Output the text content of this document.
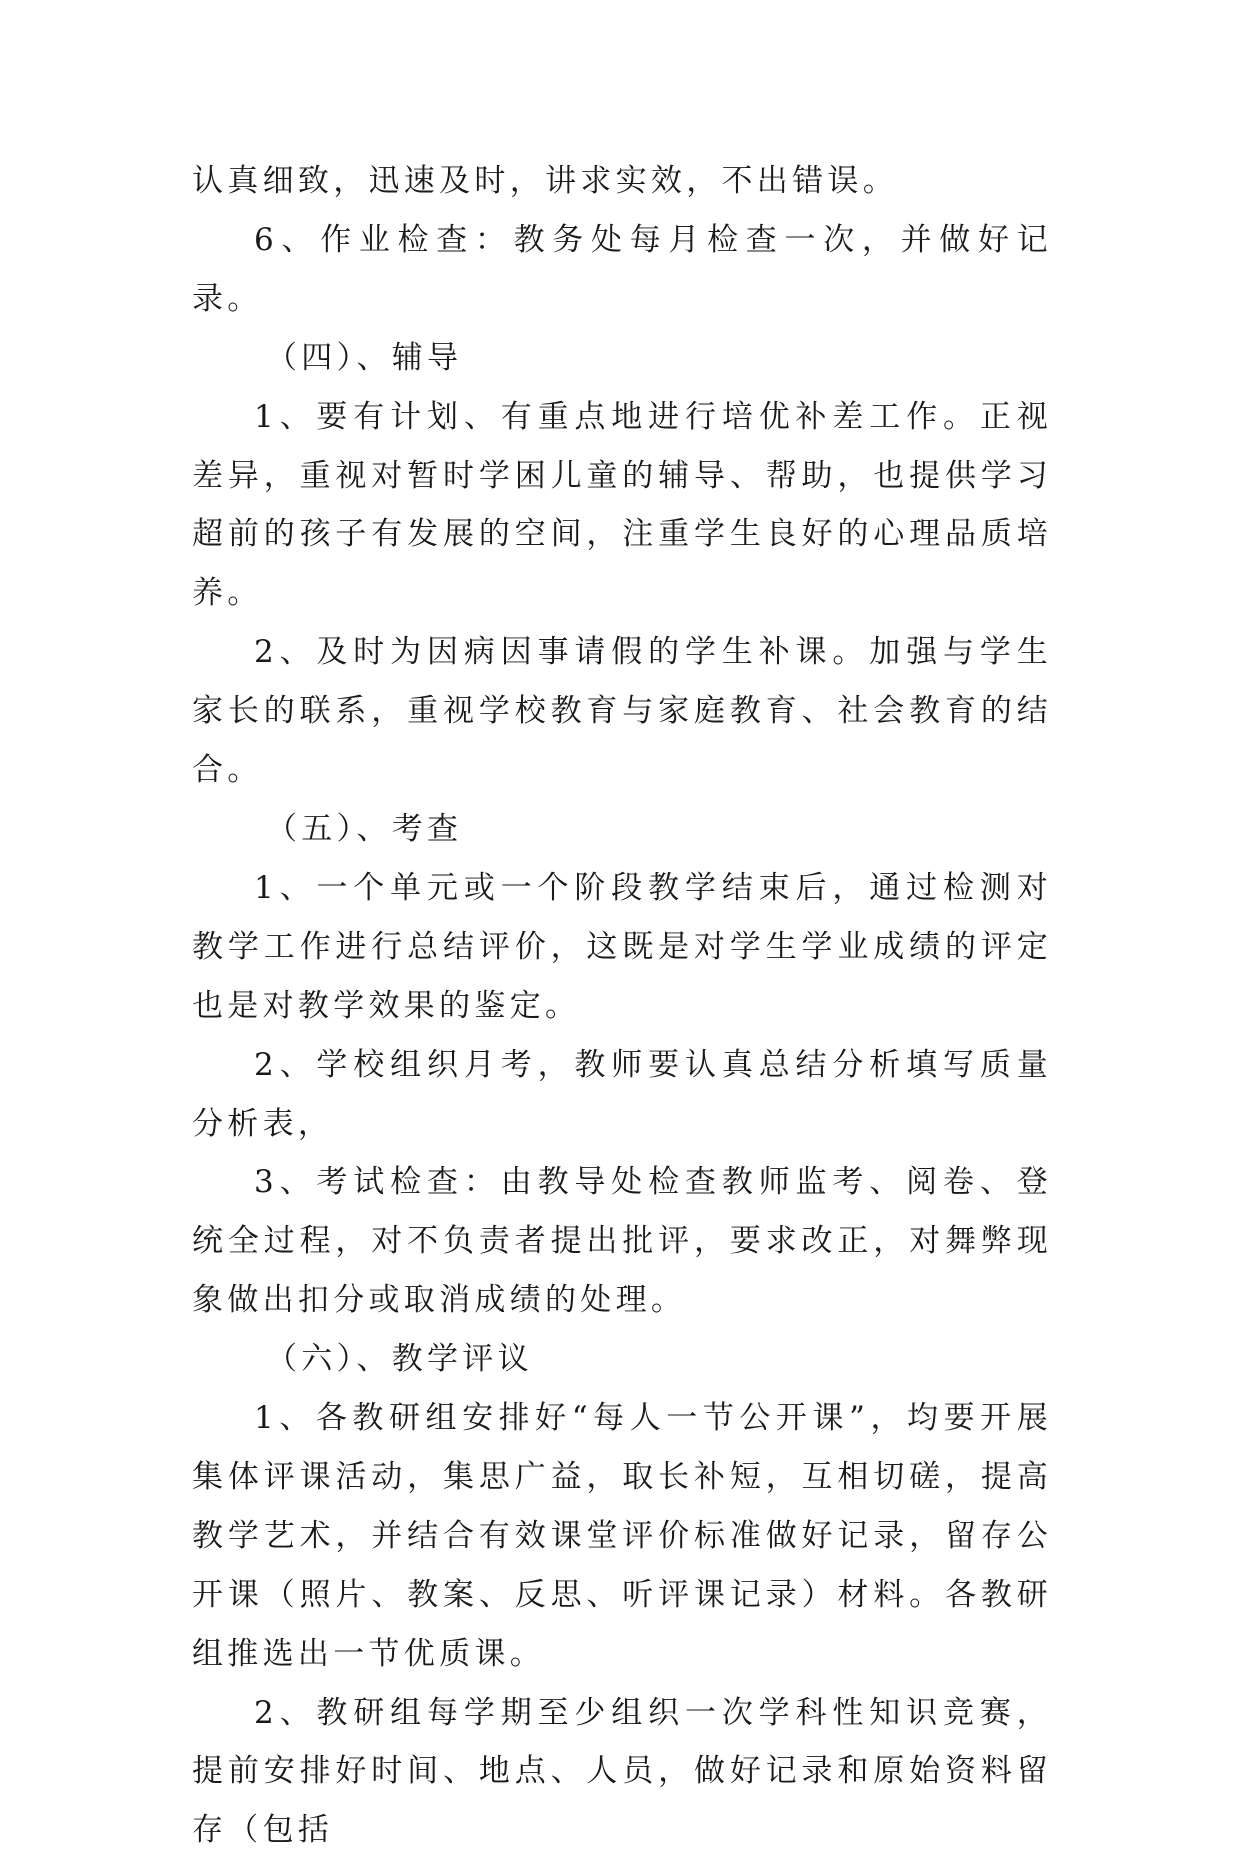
认真细致，迅速及时，讲求实效，不出错误。

6、作业检查：教务处每月检查一次，并做好记录。

（四）、辅导

1、要有计划、有重点地进行培优补差工作。正视差异，重视对暂时学困儿童的辅导、帮助，也提供学习超前的孩子有发展的空间，注重学生良好的心理品质培养。

2、及时为因病因事请假的学生补课。加强与学生家长的联系，重视学校教育与家庭教育、社会教育的结合。

（五）、考查

1、一个单元或一个阶段教学结束后，通过检测对教学工作进行总结评价，这既是对学生学业成绩的评定也是对教学效果的鉴定。

2、学校组织月考，教师要认真总结分析填写质量分析表，

3、考试检查：由教导处检查教师监考、阅卷、登统全过程，对不负责者提出批评，要求改正，对舞弊现象做出扣分或取消成绩的处理。

（六）、教学评议

1、各教研组安排好“每人一节公开课”，均要开展集体评课活动，集思广益，取长补短，互相切磋，提高教学艺术，并结合有效课堂评价标准做好记录，留存公开课（照片、教案、反思、听评课记录）材料。各教研组推选出一节优质课。

2、教研组每学期至少组织一次学科性知识竞赛，提前安排好时间、地点、人员，做好记录和原始资料留存（包括
